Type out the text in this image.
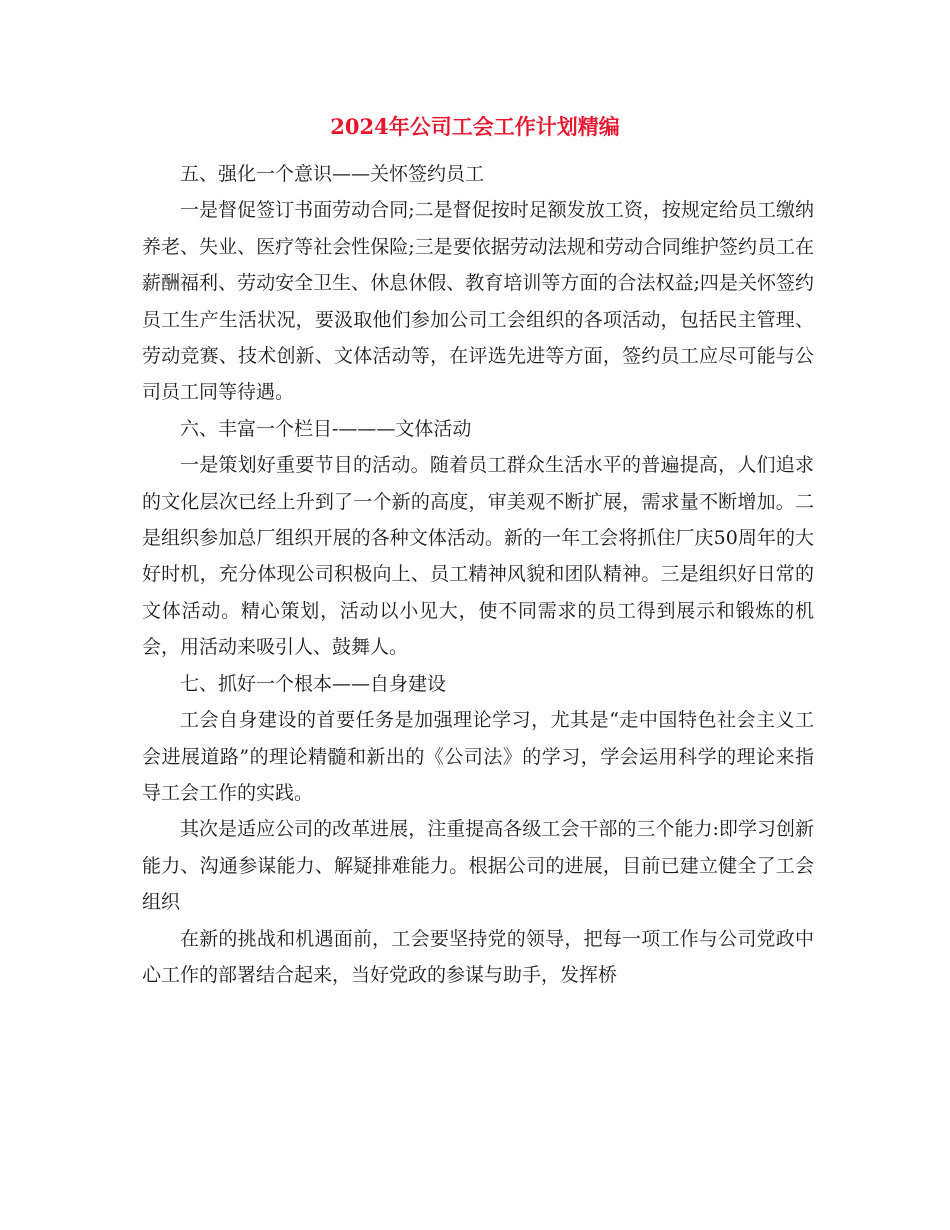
2024年公司工会工作计划精编

五、强化一个意识——关怀签约员工

一是督促签订书面劳动合同;二是督促按时足额发放工资，按规定给员工缴纳养老、失业、医疗等社会性保险;三是要依据劳动法规和劳动合同维护签约员工在薪酬福利、劳动安全卫生、休息休假、教育培训等方面的合法权益;四是关怀签约员工生产生活状况，要汲取他们参加公司工会组织的各项活动，包括民主管理、劳动竞赛、技术创新、文体活动等，在评选先进等方面，签约员工应尽可能与公司员工同等待遇。

六、丰富一个栏目-———文体活动

一是策划好重要节目的活动。随着员工群众生活水平的普遍提高，人们追求的文化层次已经上升到了一个新的高度，审美观不断扩展，需求量不断增加。二是组织参加总厂组织开展的各种文体活动。新的一年工会将抓住厂庆50周年的大好时机，充分体现公司积极向上、员工精神风貌和团队精神。三是组织好日常的文体活动。精心策划，活动以小见大，使不同需求的员工得到展示和锻炼的机会，用活动来吸引人、鼓舞人。

七、抓好一个根本——自身建设

工会自身建设的首要任务是加强理论学习，尤其是“走中国特色社会主义工会进展道路”的理论精髓和新出的《公司法》的学习，学会运用科学的理论来指导工会工作的实践。

其次是适应公司的改革进展，注重提高各级工会干部的三个能力:即学习创新能力、沟通参谋能力、解疑排难能力。根据公司的进展，目前已建立健全了工会组织

在新的挑战和机遇面前，工会要坚持党的领导，把每一项工作与公司党政中心工作的部署结合起来，当好党政的参谋与助手，发挥桥
